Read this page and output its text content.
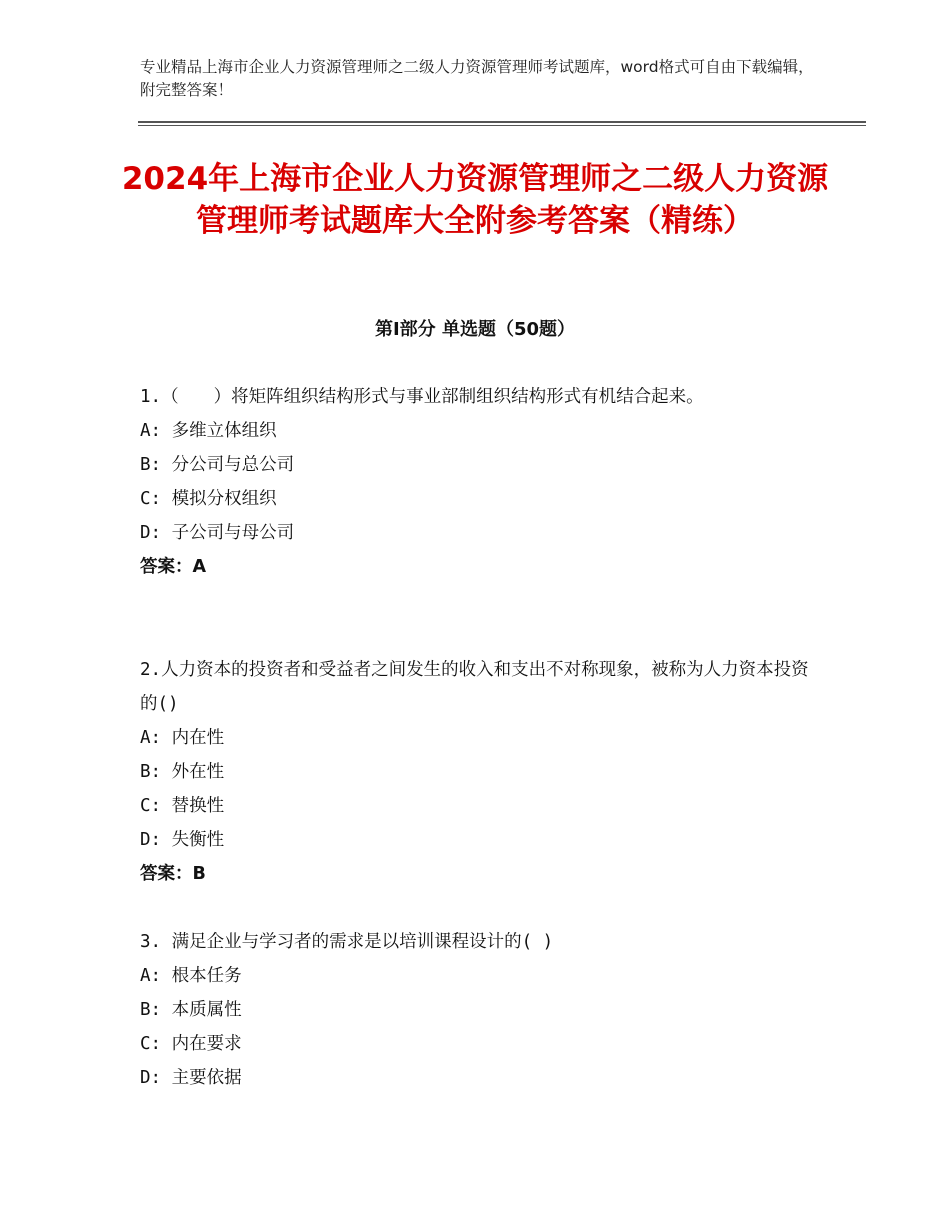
专业精品上海市企业人力资源管理师之二级人力资源管理师考试题库，word格式可自由下载编辑，附完整答案！
2024年上海市企业人力资源管理师之二级人力资源管理师考试题库大全附参考答案（精练）
第Ⅰ部分 单选题（50题）

1.（　　）将矩阵组织结构形式与事业部制组织结构形式有机结合起来。

A: 多维立体组织

B: 分公司与总公司

C: 模拟分权组织

D: 子公司与母公司

答案：A

2.人力资本的投资者和受益者之间发生的收入和支出不对称现象，被称为人力资本投资的()

A: 内在性

B: 外在性

C: 替换性

D: 失衡性

答案：B

3. 满足企业与学习者的需求是以培训课程设计的( )

A: 根本任务

B: 本质属性

C: 内在要求

D: 主要依据
